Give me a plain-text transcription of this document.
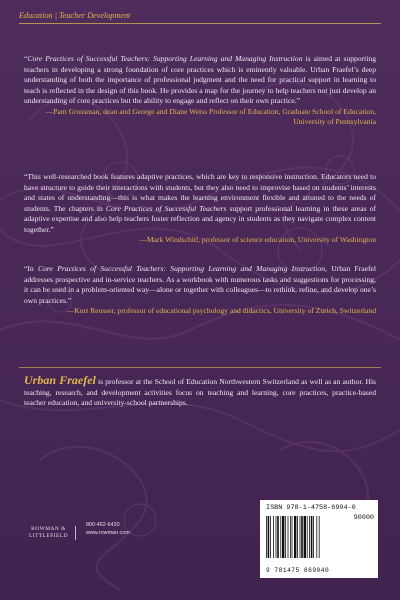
Education | Teacher Development
“Core Practices of Successful Teachers: Supporting Learning and Managing Instruction is aimed at supporting teachers in developing a strong foundation of core practices which is eminently valuable. Urban Fraefel’s deep understanding of both the importance of professional judgment and the need for practical support in learning to teach is reflected in the design of this book. He provides a map for the journey to help teachers not just develop an understanding of core practices but the ability to engage and reflect on their own practice.”
—Pam Grossman, dean and George and Diane Weiss Professor of Education, Graduate School of Education, University of Pennsylvania
“This well-researched book features adaptive practices, which are key to responsive instruction. Educators need to have structure to guide their interactions with students, but they also need to improvise based on students’ interests and states of understanding—this is what makes the learning environment flexible and attuned to the needs of students. The chapters in Core Practices of Successful Teachers support professional learning in these areas of adaptive expertise and also help teachers foster reflection and agency in students as they navigate complex content together.”
—Mark Windschitl, professor of science education, University of Washington
“In Core Practices of Successful Teachers: Supporting Learning and Managing Instruction, Urban Fraefel addresses prospective and in-service teachers. As a workbook with numerous tasks and suggestions for processing, it can be used in a problem-oriented way—alone or together with colleagues—to rethink, refine, and develop one’s own practices.”
—Kurt Reusser, professor of educational psychology and didactics, University of Zurich, Switzerland
Urban Fraefel is professor at the School of Education Northwestern Switzerland as well as an author. His teaching, research, and development activities focus on teaching and learning, core practices, practice-based teacher education, and university-school partnerships.
ROWMAN &
LITTLEFIELD
800-462-6420
www.rowman.com
ISBN 978-1-4758-6904-0
90000
9 781475 869040
